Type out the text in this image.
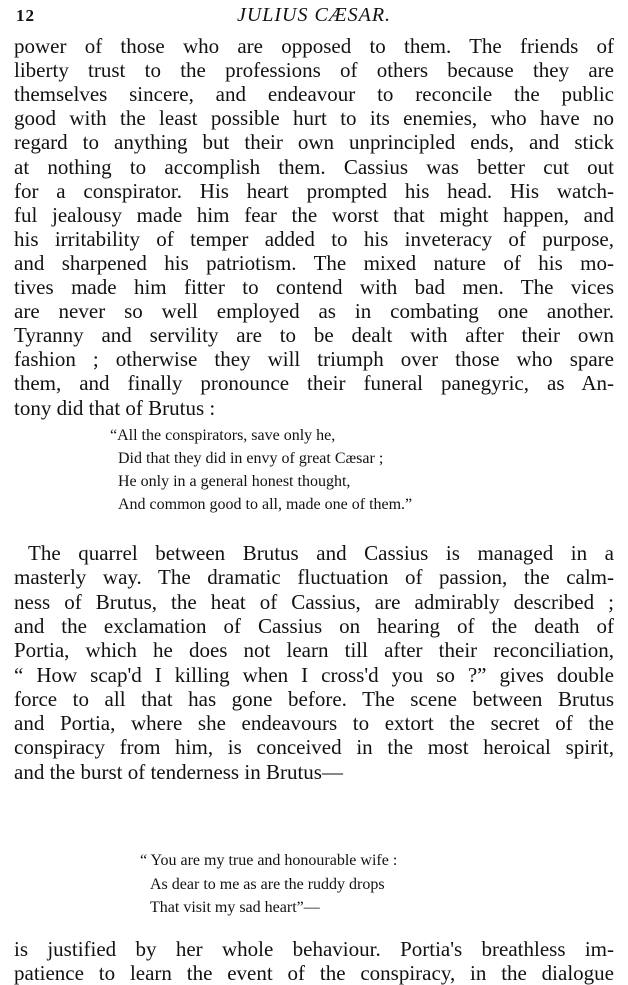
12	JULIUS CÆSAR.
power of those who are opposed to them. The friends of
liberty trust to the professions of others because they are
themselves sincere, and endeavour to reconcile the public
good with the least possible hurt to its enemies, who have no
regard to anything but their own unprincipled ends, and stick
at nothing to accomplish them. Cassius was better cut out
for a conspirator. His heart prompted his head. His watch-
ful jealousy made him fear the worst that might happen, and
his irritability of temper added to his inveteracy of purpose,
and sharpened his patriotism. The mixed nature of his mo-
tives made him fitter to contend with bad men. The vices
are never so well employed as in combating one another.
Tyranny and servility are to be dealt with after their own
fashion ; otherwise they will triumph over those who spare
them, and finally pronounce their funeral panegyric, as An-
tony did that of Brutus :
“All the conspirators, save only he,
Did that they did in envy of great Cæsar ;
He only in a general honest thought,
And common good to all, made one of them.”
The quarrel between Brutus and Cassius is managed in a
masterly way. The dramatic fluctuation of passion, the calm-
ness of Brutus, the heat of Cassius, are admirably described ;
and the exclamation of Cassius on hearing of the death of
Portia, which he does not learn till after their reconciliation,
“ How scap'd I killing when I cross'd you so ?” gives double
force to all that has gone before. The scene between Brutus
and Portia, where she endeavours to extort the secret of the
conspiracy from him, is conceived in the most heroical spirit,
and the burst of tenderness in Brutus—
is justified by her whole behaviour. Portia's breathless im-
patience to learn the event of the conspiracy, in the dialogue
“ You are my true and honourable wife :
As dear to me as are the ruddy drops
That visit my sad heart”—
